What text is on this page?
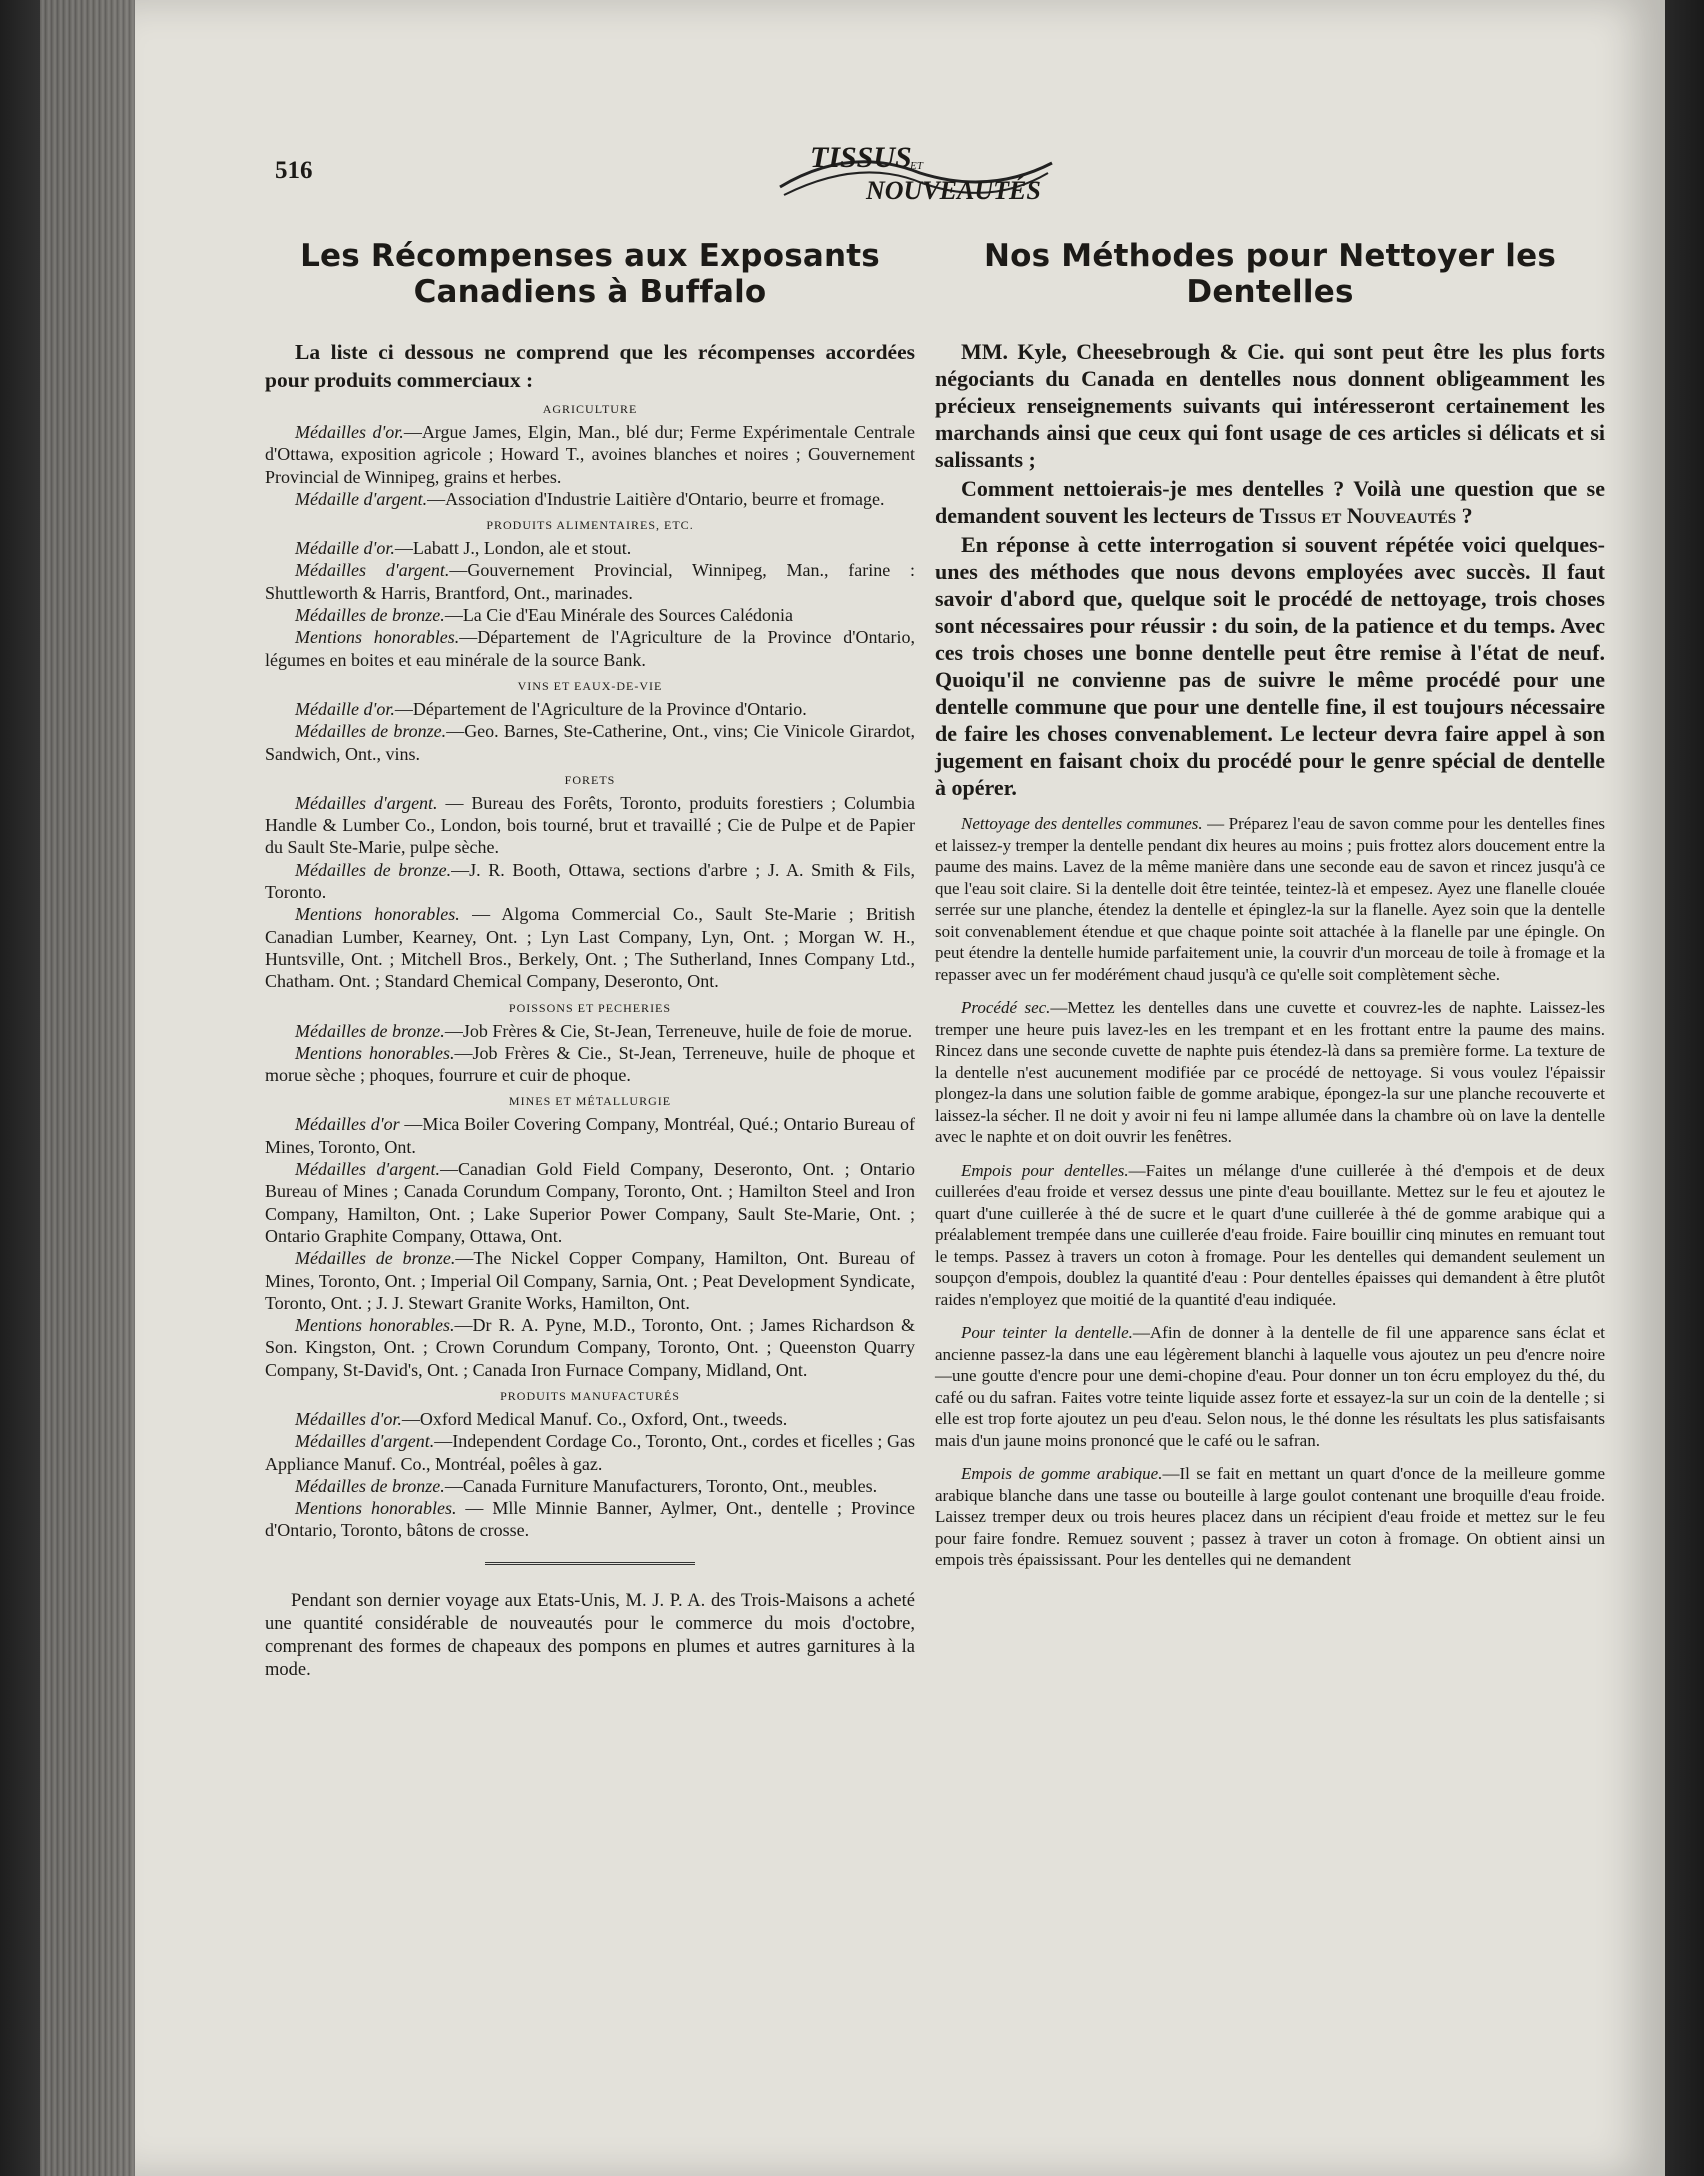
516	TISSUS
ET
NOUVEAUTÉS
Les Récompenses aux Exposants
Canadiens à Buffalo

La liste ci dessous ne comprend que les récompenses accordées pour produits commerciaux :

AGRICULTURE

Médailles d'or.—Argue James, Elgin, Man., blé dur; Ferme Expérimentale Centrale d'Ottawa, exposition agricole ; Howard T., avoines blanches et noires ; Gouvernement Provincial de Winnipeg, grains et herbes.

Médaille d'argent.—Association d'Industrie Laitière d'Ontario, beurre et fromage.

PRODUITS ALIMENTAIRES, ETC.

Médaille d'or.—Labatt J., London, ale et stout.

Médailles d'argent.—Gouvernement Provincial, Winnipeg, Man., farine : Shuttleworth & Harris, Brantford, Ont., marinades.

Médailles de bronze.—La Cie d'Eau Minérale des Sources Calédonia

Mentions honorables.—Département de l'Agriculture de la Province d'Ontario, légumes en boites et eau minérale de la source Bank.

VINS ET EAUX-DE-VIE

Médaille d'or.—Département de l'Agriculture de la Province d'Ontario.

Médailles de bronze.—Geo. Barnes, Ste-Catherine, Ont., vins; Cie Vinicole Girardot, Sandwich, Ont., vins.

FORETS

Médailles d'argent. — Bureau des Forêts, Toronto, produits forestiers ; Columbia Handle & Lumber Co., London, bois tourné, brut et travaillé ; Cie de Pulpe et de Papier du Sault Ste-Marie, pulpe sèche.

Médailles de bronze.—J. R. Booth, Ottawa, sections d'arbre ; J. A. Smith & Fils, Toronto.

Mentions honorables. — Algoma Commercial Co., Sault Ste-Marie ; British Canadian Lumber, Kearney, Ont. ; Lyn Last Company, Lyn, Ont. ; Morgan W. H., Huntsville, Ont. ; Mitchell Bros., Berkely, Ont. ; The Sutherland, Innes Company Ltd., Chatham. Ont. ; Standard Chemical Company, Deseronto, Ont.

POISSONS ET PECHERIES

Médailles de bronze.—Job Frères & Cie, St-Jean, Terreneuve, huile de foie de morue.

Mentions honorables.—Job Frères & Cie., St-Jean, Terreneuve, huile de phoque et morue sèche ; phoques, fourrure et cuir de phoque.

MINES ET MÉTALLURGIE

Médailles d'or —Mica Boiler Covering Company, Montréal, Qué.; Ontario Bureau of Mines, Toronto, Ont.

Médailles d'argent.—Canadian Gold Field Company, Deseronto, Ont. ; Ontario Bureau of Mines ; Canada Corundum Company, Toronto, Ont. ; Hamilton Steel and Iron Company, Hamilton, Ont. ; Lake Superior Power Company, Sault Ste-Marie, Ont. ; Ontario Graphite Company, Ottawa, Ont.

Médailles de bronze.—The Nickel Copper Company, Hamilton, Ont. Bureau of Mines, Toronto, Ont. ; Imperial Oil Company, Sarnia, Ont. ; Peat Development Syndicate, Toronto, Ont. ; J. J. Stewart Granite Works, Hamilton, Ont.

Mentions honorables.—Dr R. A. Pyne, M.D., Toronto, Ont. ; James Richardson & Son. Kingston, Ont. ; Crown Corundum Company, Toronto, Ont. ; Queenston Quarry Company, St-David's, Ont. ; Canada Iron Furnace Company, Midland, Ont.

PRODUITS MANUFACTURÉS

Médailles d'or.—Oxford Medical Manuf. Co., Oxford, Ont., tweeds.

Médailles d'argent.—Independent Cordage Co., Toronto, Ont., cordes et ficelles ; Gas Appliance Manuf. Co., Montréal, poêles à gaz.

Médailles de bronze.—Canada Furniture Manufacturers, Toronto, Ont., meubles.

Mentions honorables. — Mlle Minnie Banner, Aylmer, Ont., dentelle ; Province d'Ontario, Toronto, bâtons de crosse.

Pendant son dernier voyage aux Etats-Unis, M. J. P. A. des Trois-Maisons a acheté une quantité considérable de nouveautés pour le commerce du mois d'octobre, comprenant des formes de chapeaux des pompons en plumes et autres garnitures à la mode.

Nos Méthodes pour Nettoyer les
Dentelles

MM. Kyle, Cheesebrough & Cie. qui sont peut être les plus forts négociants du Canada en dentelles nous donnent obligeamment les précieux renseignements suivants qui intéresseront certainement les marchands ainsi que ceux qui font usage de ces articles si délicats et si salissants ;

Comment nettoierais-je mes dentelles ? Voilà une question que se demandent souvent les lecteurs de Tissus et Nouveautés ?

En réponse à cette interrogation si souvent répétée voici quelques-unes des méthodes que nous devons employées avec succès. Il faut savoir d'abord que, quelque soit le procédé de nettoyage, trois choses sont nécessaires pour réussir : du soin, de la patience et du temps. Avec ces trois choses une bonne dentelle peut être remise à l'état de neuf. Quoiqu'il ne convienne pas de suivre le même procédé pour une dentelle commune que pour une dentelle fine, il est toujours nécessaire de faire les choses convenablement. Le lecteur devra faire appel à son jugement en faisant choix du procédé pour le genre spécial de dentelle à opérer.

Nettoyage des dentelles communes. — Préparez l'eau de savon comme pour les dentelles fines et laissez-y tremper la dentelle pendant dix heures au moins ; puis frottez alors doucement entre la paume des mains. Lavez de la même manière dans une seconde eau de savon et rincez jusqu'à ce que l'eau soit claire. Si la dentelle doit être teintée, teintez-là et empesez. Ayez une flanelle clouée serrée sur une planche, étendez la dentelle et épinglez-la sur la flanelle. Ayez soin que la dentelle soit convenablement étendue et que chaque pointe soit attachée à la flanelle par une épingle. On peut étendre la dentelle humide parfaitement unie, la couvrir d'un morceau de toile à fromage et la repasser avec un fer modérément chaud jusqu'à ce qu'elle soit complètement sèche.

Procédé sec.—Mettez les dentelles dans une cuvette et couvrez-les de naphte. Laissez-les tremper une heure puis lavez-les en les trempant et en les frottant entre la paume des mains. Rincez dans une seconde cuvette de naphte puis étendez-là dans sa première forme. La texture de la dentelle n'est aucunement modifiée par ce procédé de nettoyage. Si vous voulez l'épaissir plongez-la dans une solution faible de gomme arabique, épongez-la sur une planche recouverte et laissez-la sécher. Il ne doit y avoir ni feu ni lampe allumée dans la chambre où on lave la dentelle avec le naphte et on doit ouvrir les fenêtres.

Empois pour dentelles.—Faites un mélange d'une cuillerée à thé d'empois et de deux cuillerées d'eau froide et versez dessus une pinte d'eau bouillante. Mettez sur le feu et ajoutez le quart d'une cuillerée à thé de sucre et le quart d'une cuillerée à thé de gomme arabique qui a préalablement trempée dans une cuillerée d'eau froide. Faire bouillir cinq minutes en remuant tout le temps. Passez à travers un coton à fromage. Pour les dentelles qui demandent seulement un soupçon d'empois, doublez la quantité d'eau : Pour dentelles épaisses qui demandent à être plutôt raides n'employez que moitié de la quantité d'eau indiquée.

Pour teinter la dentelle.—Afin de donner à la dentelle de fil une apparence sans éclat et ancienne passez-la dans une eau légèrement blanchi à laquelle vous ajoutez un peu d'encre noire—une goutte d'encre pour une demi-chopine d'eau. Pour donner un ton écru employez du thé, du café ou du safran. Faites votre teinte liquide assez forte et essayez-la sur un coin de la dentelle ; si elle est trop forte ajoutez un peu d'eau. Selon nous, le thé donne les résultats les plus satisfaisants mais d'un jaune moins prononcé que le café ou le safran.

Empois de gomme arabique.—Il se fait en mettant un quart d'once de la meilleure gomme arabique blanche dans une tasse ou bouteille à large goulot contenant une broquille d'eau froide. Laissez tremper deux ou trois heures placez dans un récipient d'eau froide et mettez sur le feu pour faire fondre. Remuez souvent ; passez à traver un coton à fromage. On obtient ainsi un empois très épaississant. Pour les dentelles qui ne demandent
